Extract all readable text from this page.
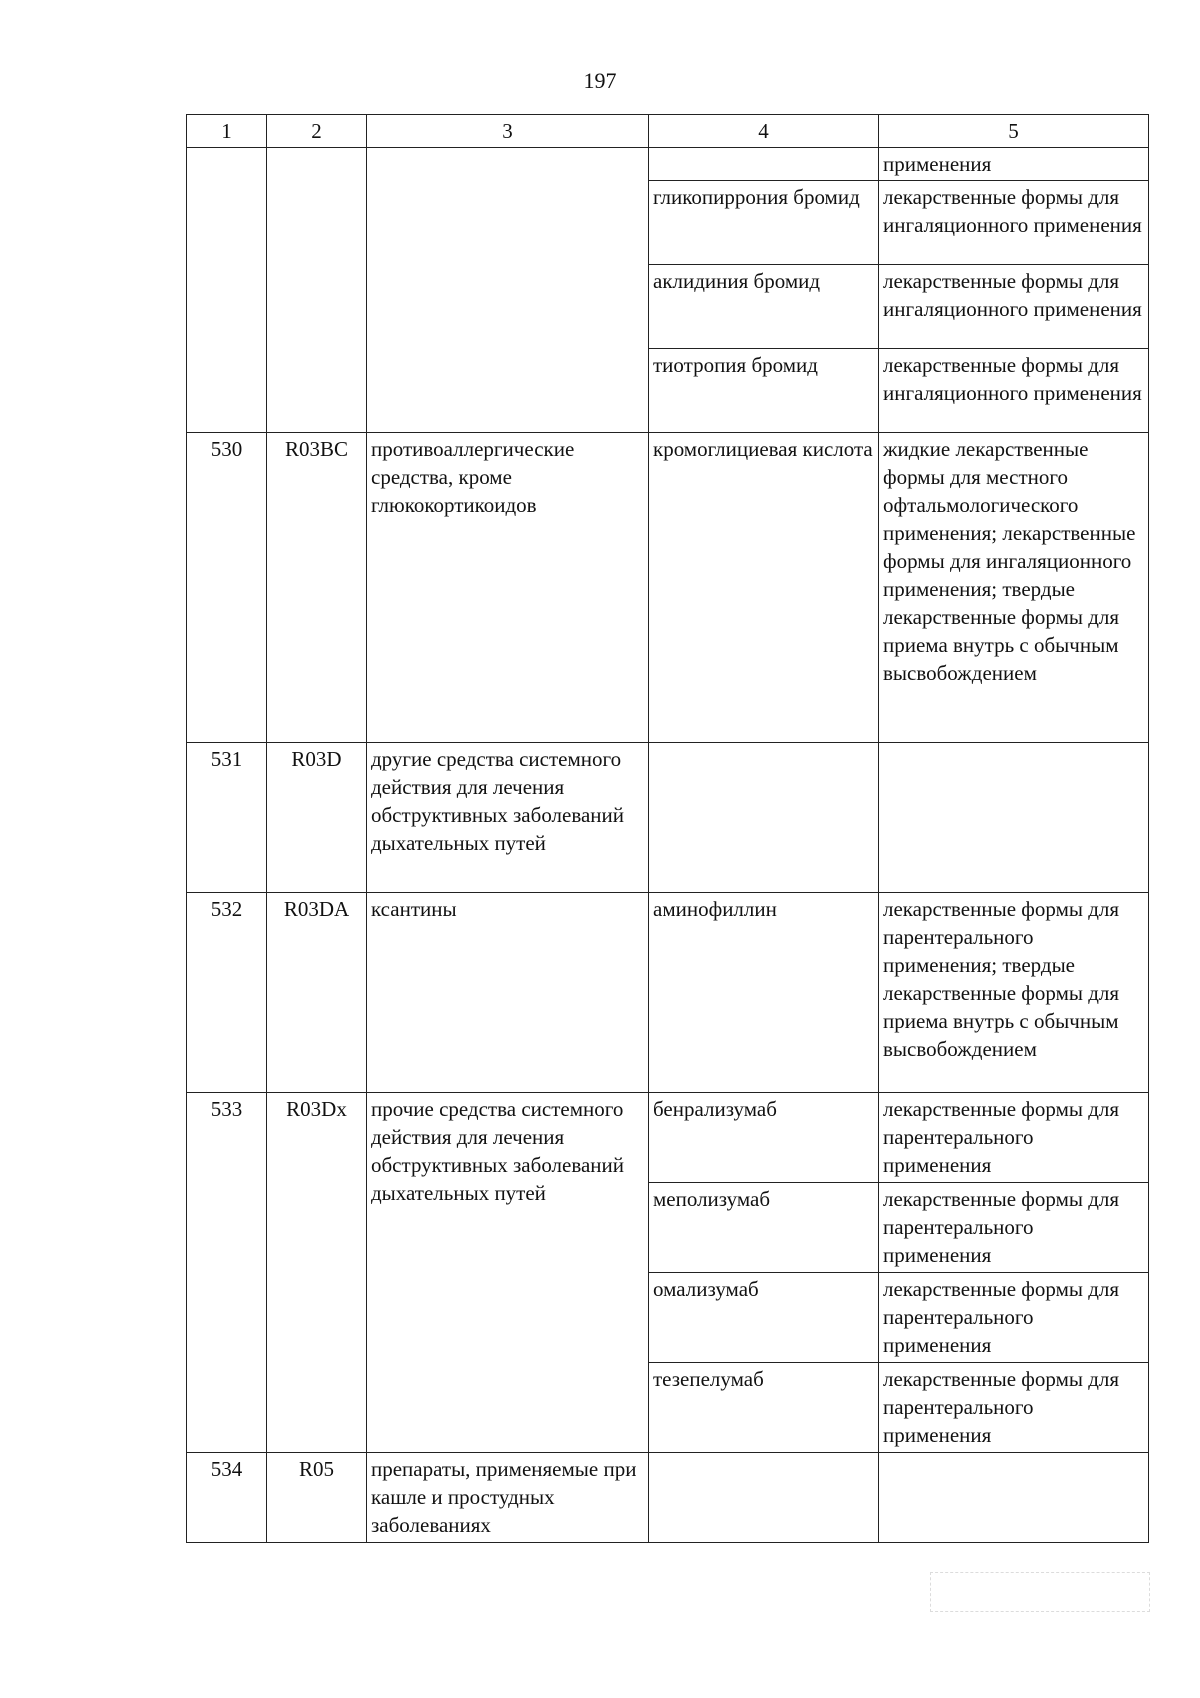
197
1	2	3	4	5
				применения
			гликопиррония бромид	лекарственные формы для ингаляционного применения
			аклидиния бромид	лекарственные формы для ингаляционного применения
			тиотропия бромид	лекарственные формы для ингаляционного применения
530	R03BC	противоаллергические средства, кроме глюкокортикоидов	кромоглициевая кислота	жидкие лекарственные формы для местного офтальмологического применения; лекарственные формы для ингаляционного применения; твердые лекарственные формы для приема внутрь с обычным высвобождением
531	R03D	другие средства системного действия для лечения обструктивных заболеваний дыхательных путей		
532	R03DA	ксантины	аминофиллин	лекарственные формы для парентерального применения; твердые лекарственные формы для приема внутрь с обычным высвобождением
533	R03Dx	прочие средства системного действия для лечения обструктивных заболеваний дыхательных путей	бенрализумаб	лекарственные формы для парентерального применения
			меполизумаб	лекарственные формы для парентерального применения
			омализумаб	лекарственные формы для парентерального применения
			тезепелумаб	лекарственные формы для парентерального применения
534	R05	препараты, применяемые при кашле и простудных заболеваниях		
